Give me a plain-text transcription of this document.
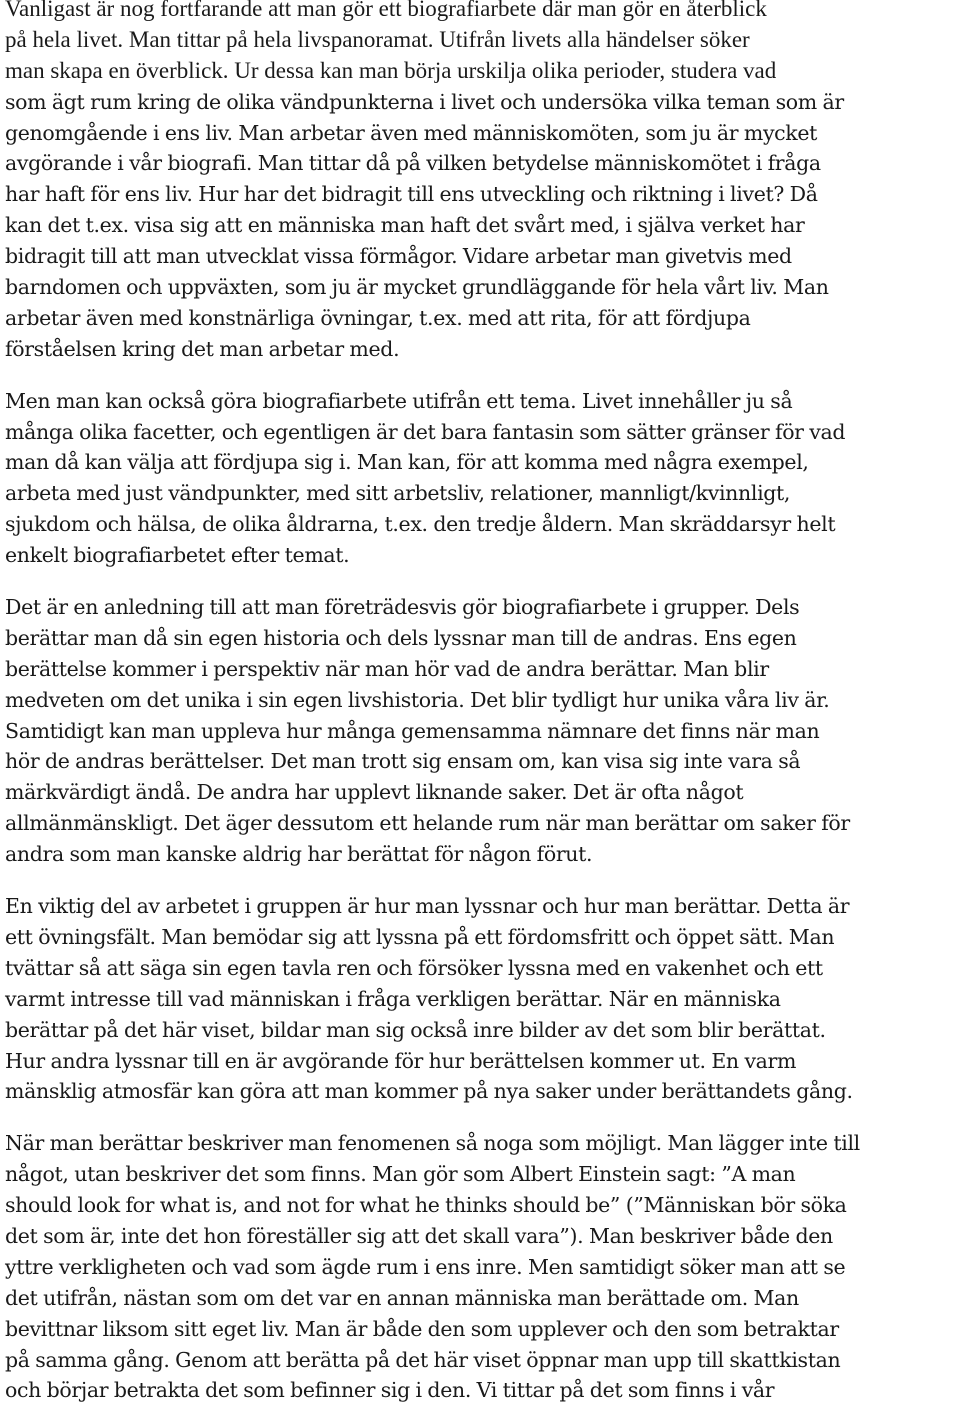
Vanligast är nog fortfarande att man gör ett biografiarbete där man gör en återblick
på hela livet. Man tittar på hela livspanoramat. Utifrån livets alla händelser söker
man skapa en överblick. Ur dessa kan man börja urskilja olika perioder, studera vad
som ägt rum kring de olika vändpunkterna i livet och undersöka vilka teman som är
genomgående i ens liv. Man arbetar även med människomöten, som ju är mycket
avgörande i vår biografi. Man tittar då på vilken betydelse människomötet i fråga
har haft för ens liv. Hur har det bidragit till ens utveckling och riktning i livet? Då
kan det t.ex. visa sig att en människa man haft det svårt med, i själva verket har
bidragit till att man utvecklat vissa förmågor. Vidare arbetar man givetvis med
barndomen och uppväxten, som ju är mycket grundläggande för hela vårt liv. Man
arbetar även med konstnärliga övningar, t.ex. med att rita, för att fördjupa
förståelsen kring det man arbetar med.
Men man kan också göra biografiarbete utifrån ett tema. Livet innehåller ju så
många olika facetter, och egentligen är det bara fantasin som sätter gränser för vad
man då kan välja att fördjupa sig i. Man kan, för att komma med några exempel,
arbeta med just vändpunkter, med sitt arbetsliv, relationer, mannligt/kvinnligt,
sjukdom och hälsa, de olika åldrarna, t.ex. den tredje åldern. Man skräddarsyr helt
enkelt biografiarbetet efter temat.
Det är en anledning till att man företrädesvis gör biografiarbete i grupper. Dels
berättar man då sin egen historia och dels lyssnar man till de andras. Ens egen
berättelse kommer i perspektiv när man hör vad de andra berättar. Man blir
medveten om det unika i sin egen livshistoria. Det blir tydligt hur unika våra liv är.
Samtidigt kan man uppleva hur många gemensamma nämnare det finns när man
hör de andras berättelser. Det man trott sig ensam om, kan visa sig inte vara så
märkvärdigt ändå. De andra har upplevt liknande saker. Det är ofta något
allmänmänskligt. Det äger dessutom ett helande rum när man berättar om saker för
andra som man kanske aldrig har berättat för någon förut.
En viktig del av arbetet i gruppen är hur man lyssnar och hur man berättar. Detta är
ett övningsfält. Man bemödar sig att lyssna på ett fördomsfritt och öppet sätt. Man
tvättar så att säga sin egen tavla ren och försöker lyssna med en vakenhet och ett
varmt intresse till vad människan i fråga verkligen berättar. När en människa
berättar på det här viset, bildar man sig också inre bilder av det som blir berättat.
Hur andra lyssnar till en är avgörande för hur berättelsen kommer ut. En varm
mänsklig atmosfär kan göra att man kommer på nya saker under berättandets gång.
När man berättar beskriver man fenomenen så noga som möjligt. Man lägger inte till
något, utan beskriver det som finns. Man gör som Albert Einstein sagt: ”A man
should look for what is, and not for what he thinks should be” (”Människan bör söka
det som är, inte det hon föreställer sig att det skall vara”). Man beskriver både den
yttre verkligheten och vad som ägde rum i ens inre. Men samtidigt söker man att se
det utifrån, nästan som om det var en annan människa man berättade om. Man
bevittnar liksom sitt eget liv. Man är både den som upplever och den som betraktar
på samma gång. Genom att berätta på det här viset öppnar man upp till skattkistan
och börjar betrakta det som befinner sig i den. Vi tittar på det som finns i vår
